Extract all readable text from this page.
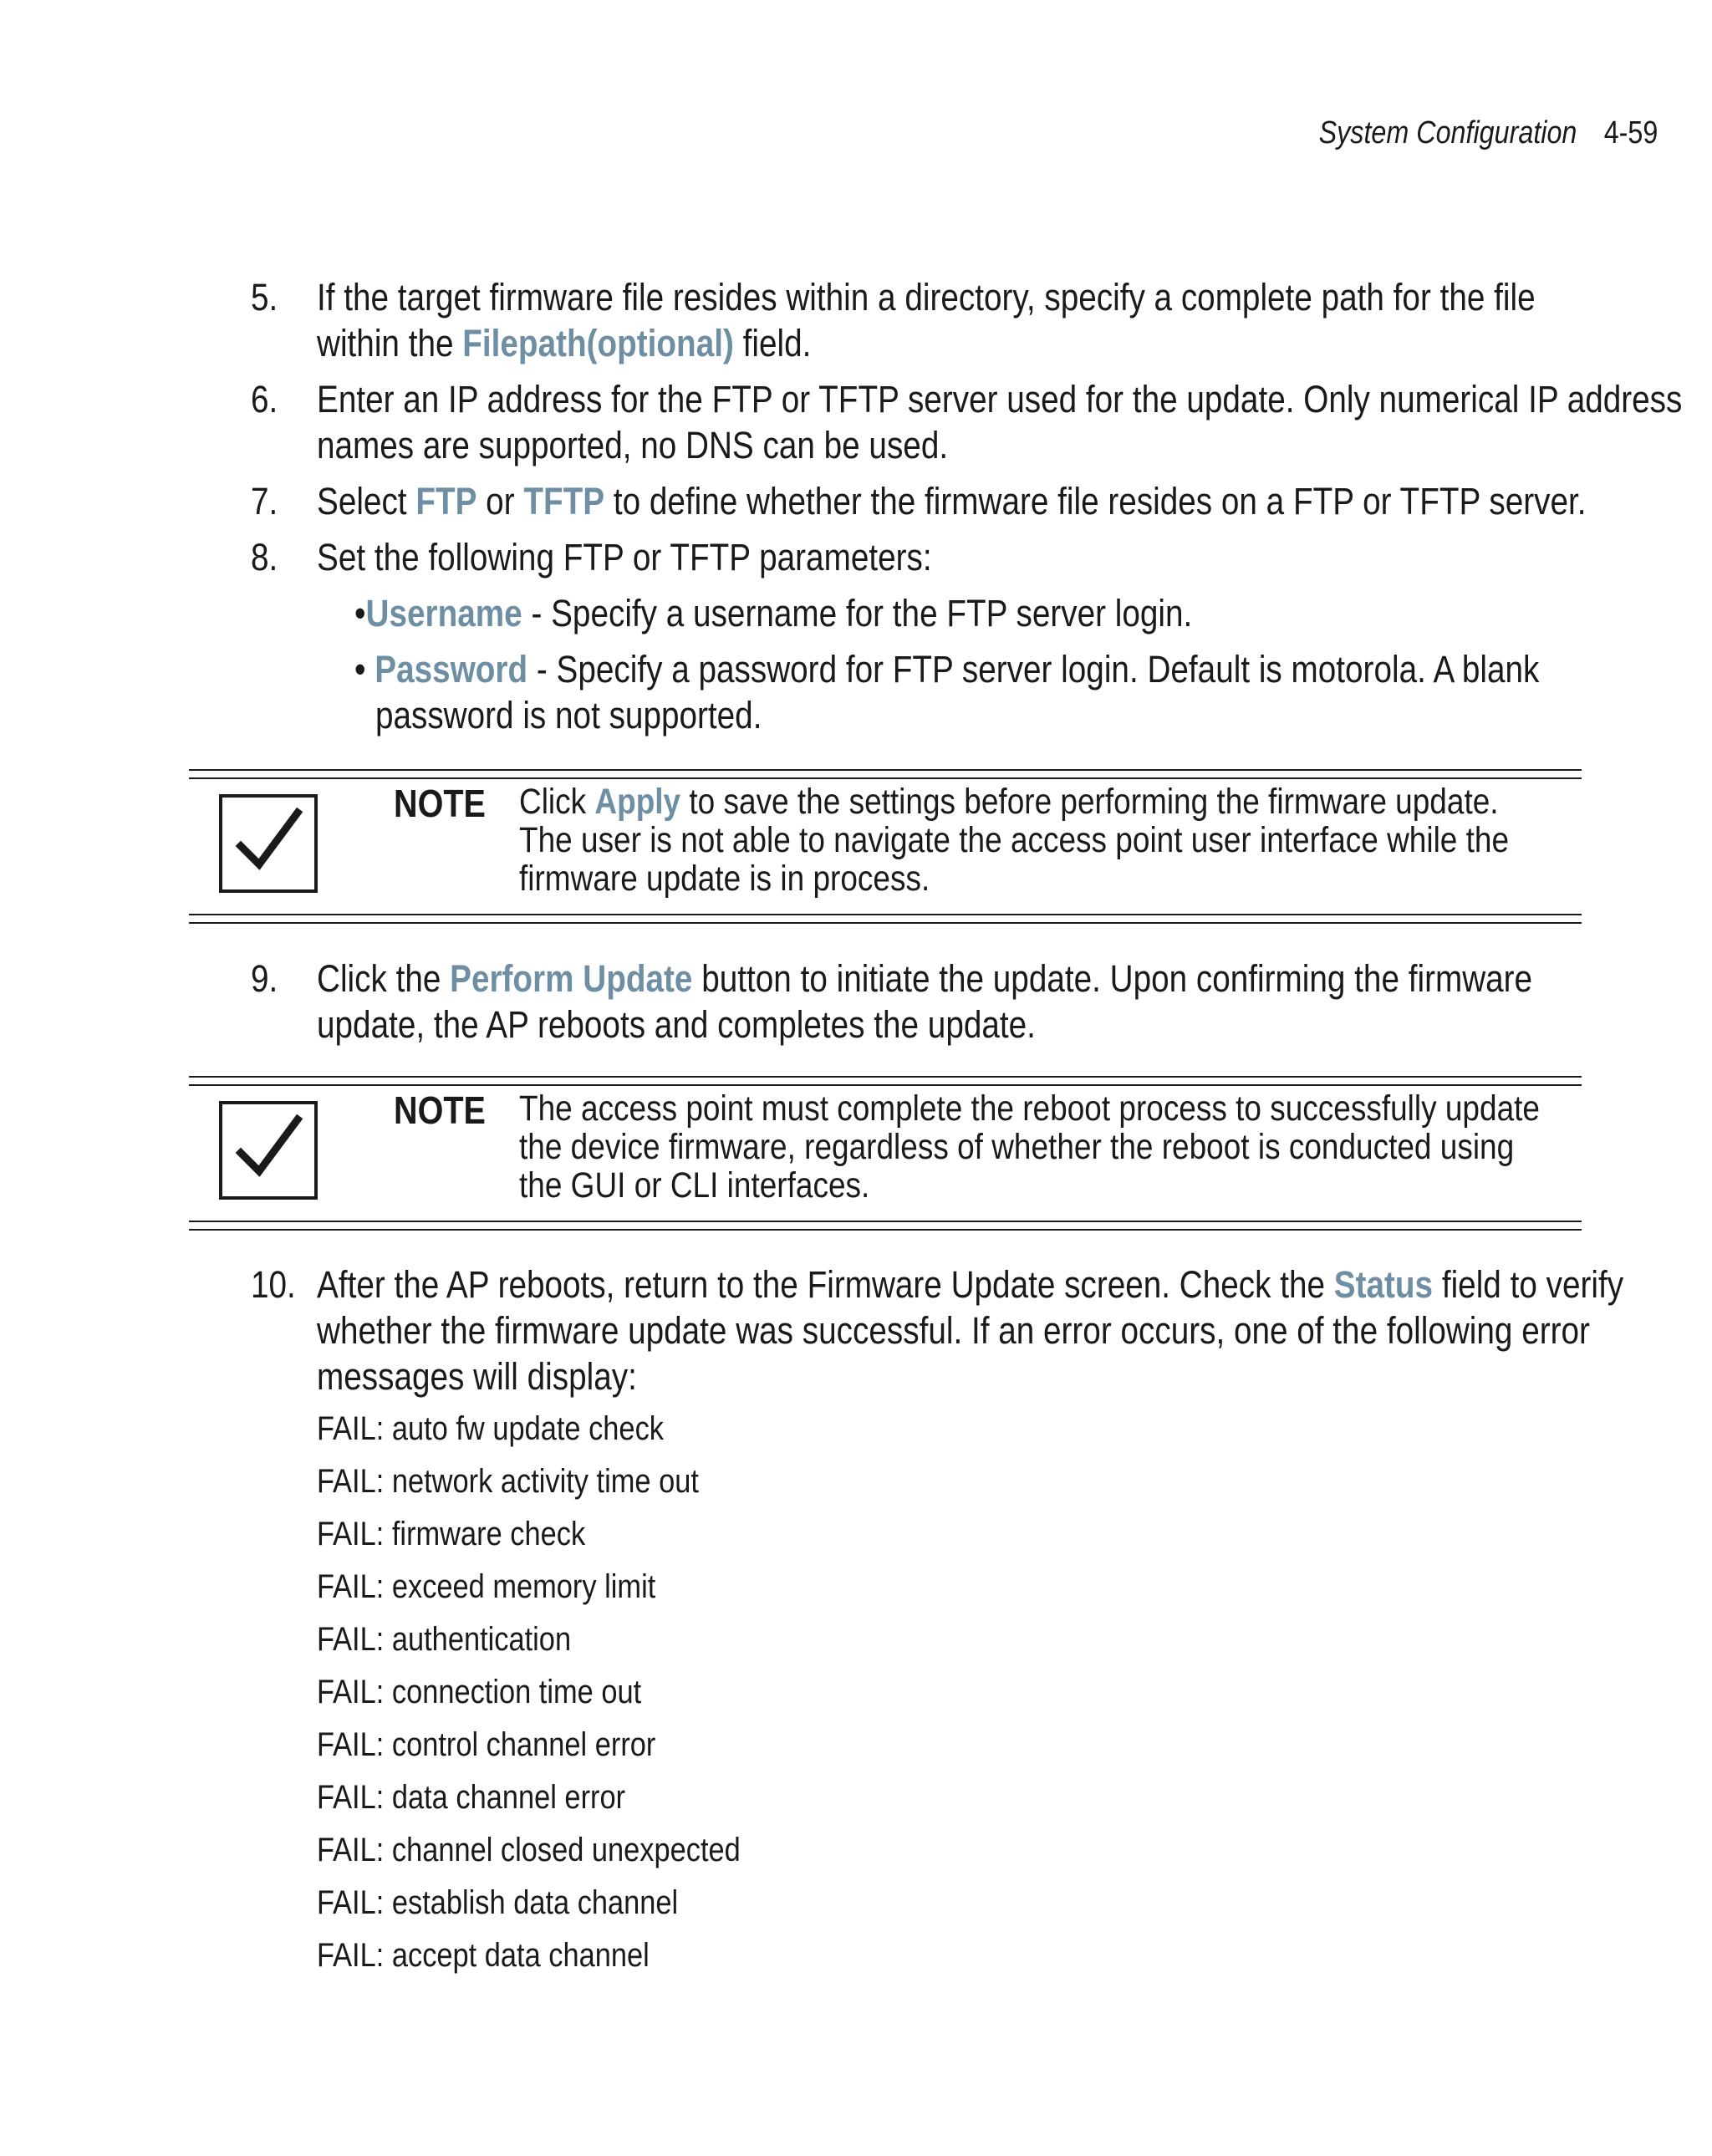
System Configuration 4-59
5. If the target firmware file resides within a directory, specify a complete path for the file
within the Filepath(optional) field.
6. Enter an IP address for the FTP or TFTP server used for the update. Only numerical IP address
names are supported, no DNS can be used.
7. Select FTP or TFTP to define whether the firmware file resides on a FTP or TFTP server.
8. Set the following FTP or TFTP parameters:
•Username - Specify a username for the FTP server login.
• Password - Specify a password for FTP server login. Default is motorola. A blank
password is not supported.
NOTE Click Apply to save the settings before performing the firmware update.
The user is not able to navigate the access point user interface while the
firmware update is in process.
9. Click the Perform Update button to initiate the update. Upon confirming the firmware
update, the AP reboots and completes the update.
NOTE The access point must complete the reboot process to successfully update
the device firmware, regardless of whether the reboot is conducted using
the GUI or CLI interfaces.
10. After the AP reboots, return to the Firmware Update screen. Check the Status field to verify
whether the firmware update was successful. If an error occurs, one of the following error
messages will display:
FAIL: auto fw update check
FAIL: network activity time out
FAIL: firmware check
FAIL: exceed memory limit
FAIL: authentication
FAIL: connection time out
FAIL: control channel error
FAIL: data channel error
FAIL: channel closed unexpected
FAIL: establish data channel
FAIL: accept data channel
